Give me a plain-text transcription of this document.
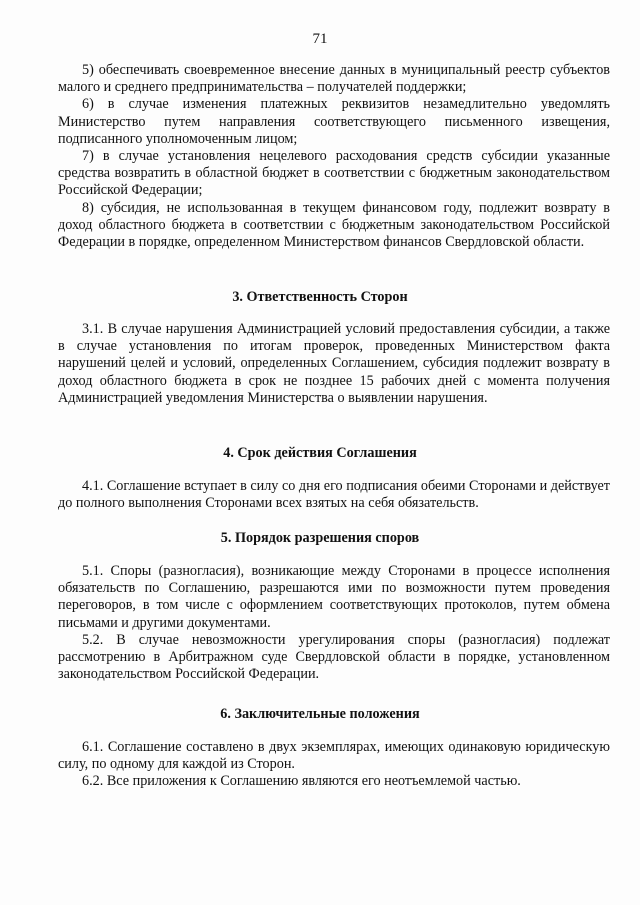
71

5) обеспечивать своевременное внесение данных в муниципальный реестр субъектов малого и среднего предпринимательства – получателей поддержки;

6) в случае изменения платежных реквизитов незамедлительно уведомлять Министерство путем направления соответствующего письменного извещения, подписанного уполномоченным лицом;

7) в случае установления нецелевого расходования средств субсидии указанные средства возвратить в областной бюджет в соответствии с бюджетным законодательством Российской Федерации;

8) субсидия, не использованная в текущем финансовом году, подлежит возврату в доход областного бюджета в соответствии с бюджетным законодательством Российской Федерации в порядке, определенном Министерством финансов Свердловской области.

3. Ответственность Сторон

3.1. В случае нарушения Администрацией условий предоставления субсидии, а также в случае установления по итогам проверок, проведенных Министерством факта нарушений целей и условий, определенных Соглашением, субсидия подлежит возврату в доход областного бюджета в срок не позднее 15 рабочих дней с момента получения Администрацией уведомления Министерства о выявлении нарушения.

4. Срок действия Соглашения

4.1. Соглашение вступает в силу со дня его подписания обеими Сторонами и действует до полного выполнения Сторонами всех взятых на себя обязательств.

5. Порядок разрешения споров

5.1. Споры (разногласия), возникающие между Сторонами в процессе исполнения обязательств по Соглашению, разрешаются ими по возможности путем проведения переговоров, в том числе с оформлением соответствующих протоколов, путем обмена письмами и другими документами.

5.2. В случае невозможности урегулирования споры (разногласия) подлежат рассмотрению в Арбитражном суде Свердловской области в порядке, установленном законодательством Российской Федерации.

6. Заключительные положения

6.1. Соглашение составлено в двух экземплярах, имеющих одинаковую юридическую силу, по одному для каждой из Сторон.

6.2. Все приложения к Соглашению являются его неотъемлемой частью.
